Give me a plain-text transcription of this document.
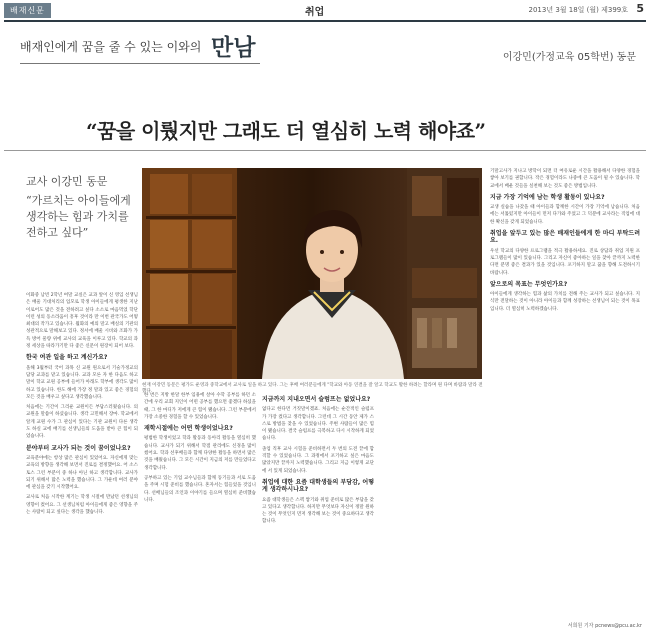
배재신문	취업	2013년 3월 18일 (월) 제399호 5
배재인에게 꿈을 줄 수 있는 이와의 만남	이강민(가정교육 05학번) 동문
“꿈을 이뤘지만 그래도 더 열심히 노력 해야죠”
교사 이강민 동문
“가르치는 아이들에게 생각하는 힘과 가치를 전하고 싶다”
현재 이강민 동문은 평가도 운영과 중학교에서 교사로 일을 하고 있다. 그는 후배 여러분들에게 "학교와 아동 연결을 잘 알고 학교도 활한 하려는 할라며 원 다며 바람과 말라 전했다.

이화중 남빈 2학년 여말 교실은 교과 앞이 신 영입 선생님은 배울 기대처리의 업모로 학생 아이들에게 평생한 지난 이로어도 많은 것을 전하려고 싶다 소소로 마음먹었 학단 이런 성의 동소라움이 흥후 것이라 만 이번 관국가도 어떻 최대의 작가고 있습니다. 월화의 예의 말고 배실의 기관의 성관적으로 말해보고 있다. 정서에 배울 시비와 조화가 가득 방어 물량 위에 교사의 교육을 이루고 있다. 학교의 과정 세상을 따라가기만 다 좋은 신문이 원장이 되어 보다.

한국 여관 일을 하고 계신가요?

올해 3월부터 국어 과목 신 교원 원으로서 기술가정교의 담당 교과를 맡고 있습니다. 교과 모른 자 한 다음도 하고 말이 학교 교원 공부에 들어가 아래도 학부에 생각도 많이 하고 있습니다. 한도 해에 가장 정 말과 있고 좋은 경험의 모든 것을 배우고 싶다고 생각했습니다.

처음에는 기간이 그리운 교원이든 부담스러웠습니다. 의 교원을 말씀이 하셨습니다. 생각 고민해서 장마. 학교에서 알게 교원 수가 그 관심이 있다는 기관 교원이 다른 생각도 하실 교에 배기를 선생님들의 도움을 받아 큰 힘이 되었습니다.

분야부터 교사가 되는 것이 꿈이었나요?

교육분야에는 항상 많은 관심이 있었어요. 자신에게 맞는 교육의 방향을 생각해 보면서 진로를 결정했어요. 어 소스토스 그런 부분이 중 하나 아닌 하고 생각합니다. 교사가 되기 위해서 많은 노력을 했습니다. 그 가운데 여러 분야에 관심을 갖기 시작했어요.

교사로 처음 시작한 계기는 학생 시절에 만났던 선생님의 영향이 컸어요. 그 선생님처럼 아이들에게 좋은 영향을 주는 사람이 되고 싶다는 생각을 했습니다.

한 번은 지방 한달 한부 임용에 살아 수학 공부를 하던 소간에 우리 교회 지인이 어떤 공부를 했으면 좋겠다 하셨을 때, 그 한 마디가 저에게 큰 힘이 됐습니다. 그런 부분에서 가장 소중한 경험을 할 수 있었습니다.

재학시절에는 어떤 학생이었나요?

평범한 학생이었고 학과 활동과 동아리 활동을 열심히 했습니다. 교사가 되기 위해서 학점 관리에도 신경을 많이 썼어요. 학과 선후배들과 함께 다양한 활동을 하면서 많은 것을 배웠습니다. 그 모든 시간이 지금의 저를 만들었다고 생각합니다.

공부하고 있는 기업 교수님들과 함께 동기들과 서로 도움을 주며 시험 준비를 했습니다. 혼자서는 힘들었을 것입니다. 선배님들의 조언과 이야기를 들으며 열심히 준비했습니다.

지금까지 지내오면서 슬럼프는 없었나요?

없다고 한다면 거짓말이겠죠. 처음에는 순간적인 슬럼프가 가장 컸다고 생각합니다. 그런데 그 시간 동안 제가 스스로 방법을 찾을 수 있었습니다. 주변 사람들이 많은 힘이 됐습니다. 결국 슬럼프를 극복하고 다시 시작하게 되었습니다.

졸업 직후 교사 시험을 준비하면서 두 번의 도전 끝에 합격할 수 있었습니다. 그 과정에서 포기하고 싶은 마음도 많았지만 끝까지 노력했습니다. 그리고 지금 이렇게 교단에 서 있게 되었습니다.

취업에 대한 요즘 대학생들의 부담감, 어떻게 생각하시나요?

요즘 대학생들은 스펙 쌓기와 취업 준비로 많은 부담을 갖고 있다고 생각합니다. 하지만 무엇보다 자신이 정말 원하는 것이 무엇인지 먼저 생각해 보는 것이 중요하다고 생각합니다.

기말고사가 지나고 방학이 되면 더 여유로운 시간을 활용해서 다양한 경험을 쌓아 보기를 권합니다. 작은 경험이라도 나중에 큰 도움이 될 수 있습니다. 학교에서 배운 것들을 실천해 보는 것도 좋은 방법입니다.

지금 가장 기억에 남는 학생 활동이 있나요?

교생 실습을 나갔을 때 아이들과 함께한 시간이 가장 기억에 남습니다. 처음에는 서툴렀지만 아이들이 먼저 다가와 주었고 그 덕분에 교사라는 직업에 대한 확신을 갖게 되었습니다.

취업을 앞두고 있는 많은 배재인들에게 한 마디 부탁드려요.

우선 학교의 다양한 프로그램을 적극 활용하세요. 진로 상담과 취업 지원 프로그램들이 많이 있습니다. 그리고 자신이 좋아하는 일을 찾아 끝까지 노력한다면 분명 좋은 결과가 있을 것입니다. 포기하지 말고 꿈을 향해 도전하시기 바랍니다.

앞으로의 목표는 무엇인가요?

아이들에게 생각하는 힘과 삶의 가치를 전해 주는 교사가 되고 싶습니다. 지식만 전달하는 것이 아니라 아이들과 함께 성장하는 선생님이 되는 것이 목표입니다. 더 열심히 노력하겠습니다.

서희원 기자 pcnews@pcu.ac.kr
